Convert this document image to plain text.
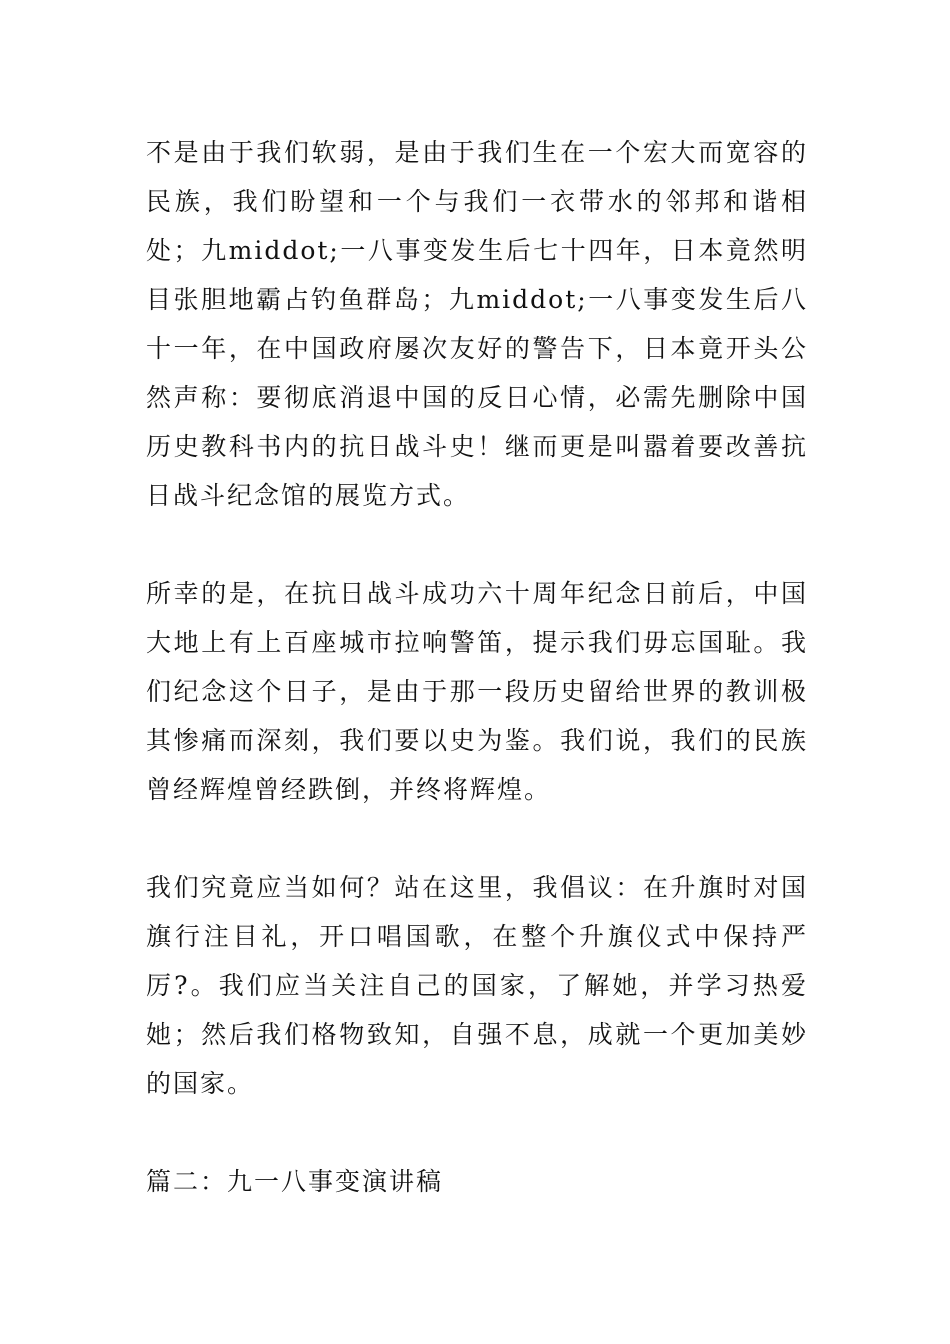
不是由于我们软弱，是由于我们生在一个宏大而宽容的民族，我们盼望和一个与我们一衣带水的邻邦和谐相处；九middot;一八事变发生后七十四年，日本竟然明目张胆地霸占钓鱼群岛；九middot;一八事变发生后八十一年，在中国政府屡次友好的警告下，日本竟开头公然声称：要彻底消退中国的反日心情，必需先删除中国历史教科书内的抗日战斗史！继而更是叫嚣着要改善抗日战斗纪念馆的展览方式。

所幸的是，在抗日战斗成功六十周年纪念日前后，中国大地上有上百座城市拉响警笛，提示我们毋忘国耻。我们纪念这个日子，是由于那一段历史留给世界的教训极其惨痛而深刻，我们要以史为鉴。我们说，我们的民族曾经辉煌曾经跌倒，并终将辉煌。

我们究竟应当如何？站在这里，我倡议：在升旗时对国旗行注目礼，开口唱国歌，在整个升旗仪式中保持严厉?。我们应当关注自己的国家，了解她，并学习热爱她；然后我们格物致知，自强不息，成就一个更加美妙的国家。

篇二：九一八事变演讲稿
